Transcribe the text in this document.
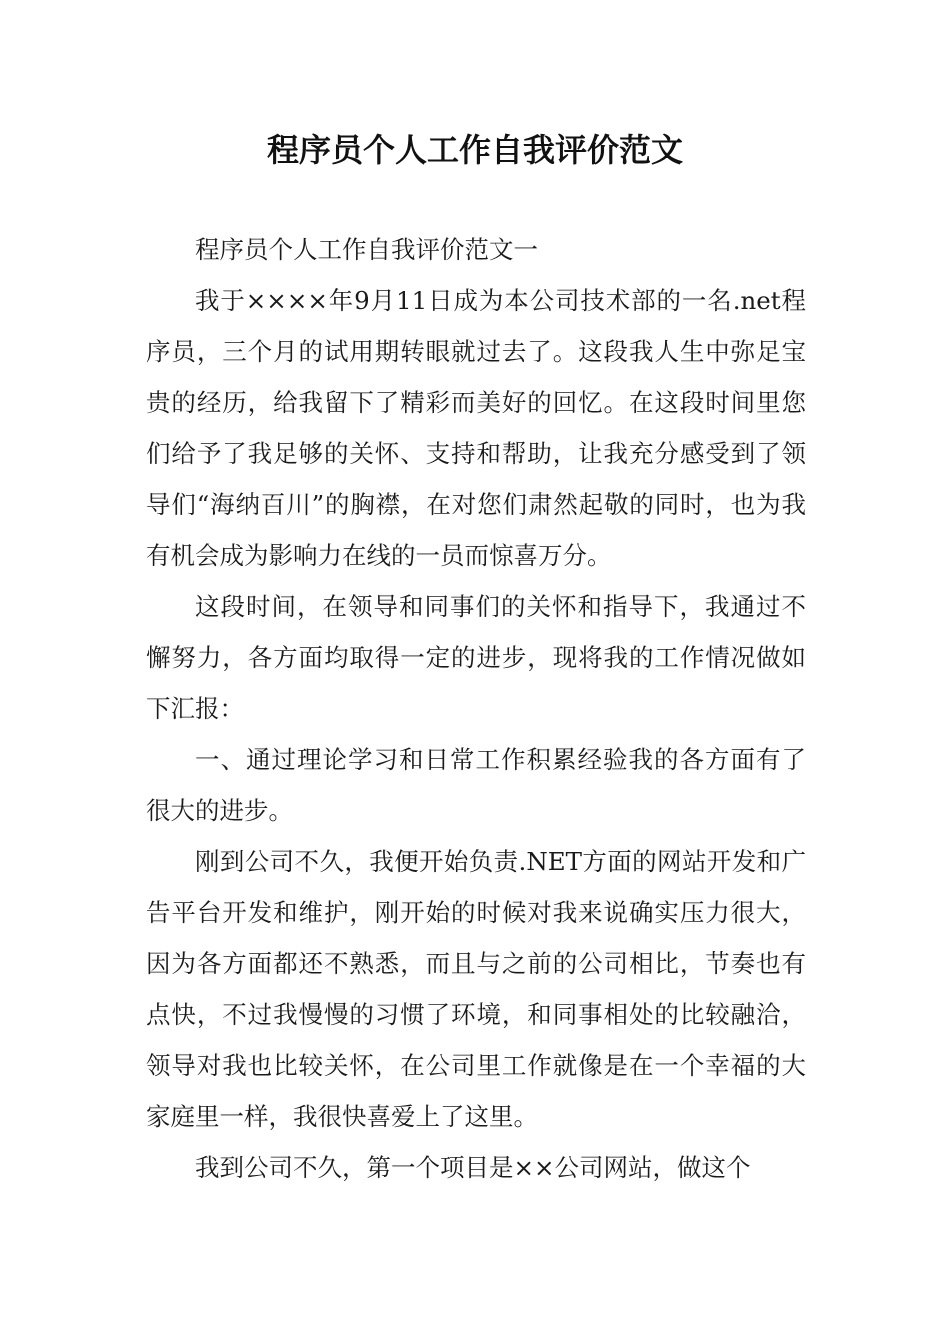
程序员个人工作自我评价范文

程序员个人工作自我评价范文一

我于××××年9月11日成为本公司技术部的一名.net程序员，三个月的试用期转眼就过去了。这段我人生中弥足宝贵的经历，给我留下了精彩而美好的回忆。在这段时间里您们给予了我足够的关怀、支持和帮助，让我充分感受到了领导们“海纳百川”的胸襟，在对您们肃然起敬的同时，也为我有机会成为影响力在线的一员而惊喜万分。

这段时间，在领导和同事们的关怀和指导下，我通过不懈努力，各方面均取得一定的进步，现将我的工作情况做如下汇报：

一、通过理论学习和日常工作积累经验我的各方面有了很大的进步。

刚到公司不久，我便开始负责.NET方面的网站开发和广告平台开发和维护，刚开始的时候对我来说确实压力很大，因为各方面都还不熟悉，而且与之前的公司相比，节奏也有点快，不过我慢慢的习惯了环境，和同事相处的比较融洽，领导对我也比较关怀，在公司里工作就像是在一个幸福的大家庭里一样，我很快喜爱上了这里。

我到公司不久，第一个项目是××公司网站，做这个
